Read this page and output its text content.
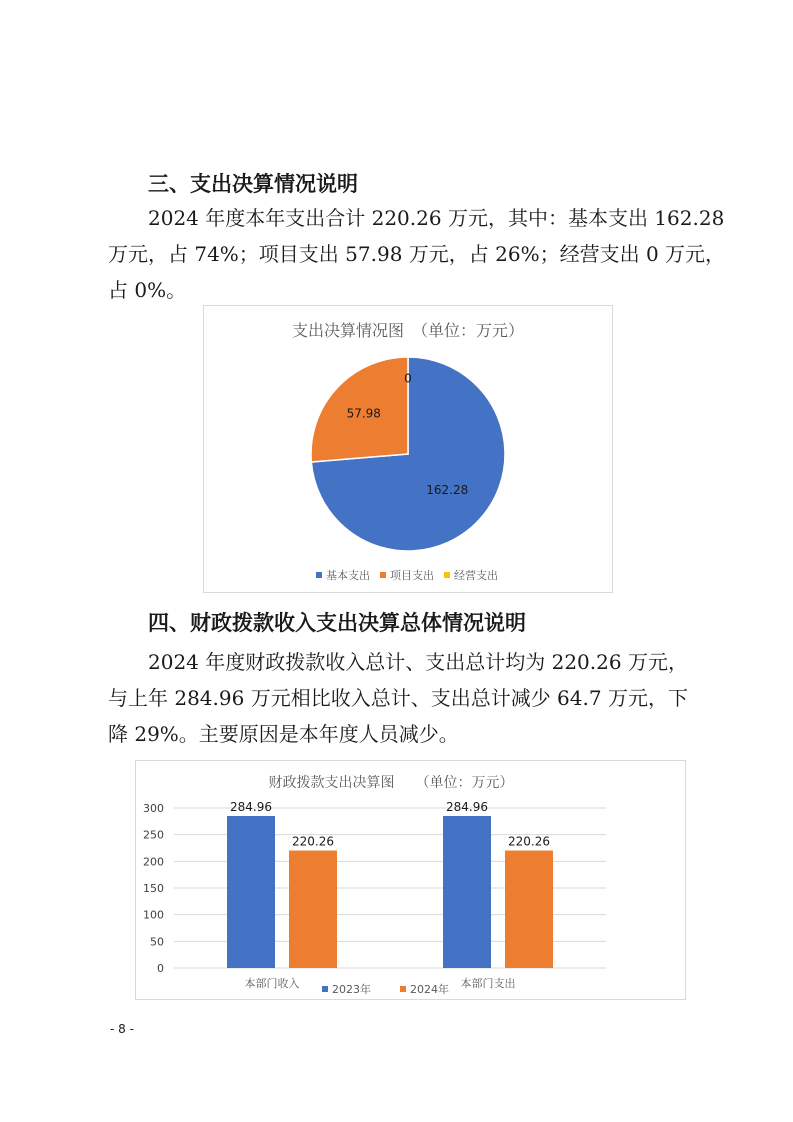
三、支出决算情况说明

2024 年度本年支出合计 220.26 万元，其中：基本支出 162.28
万元，占 74%；项目支出 57.98 万元，占 26%；经营支出 0 万元，
占 0%。

支出决算情况图　（单位：万元）
162.28
57.98
0
基本支出 项目支出 经营支出
四、财政拨款收入支出决算总体情况说明

2024 年度财政拨款收入总计、支出总计均为 220.26 万元，
与上年 284.96 万元相比收入总计、支出总计减少 64.7 万元，下
降 29%。主要原因是本年度人员减少。

财政拨款支出决算图　　（单位：万元）
0
50
100
150
200
250
300	284.96
220.26
284.96
220.26
本部门收入	本部门支出
2023年	2024年
- 8 -
